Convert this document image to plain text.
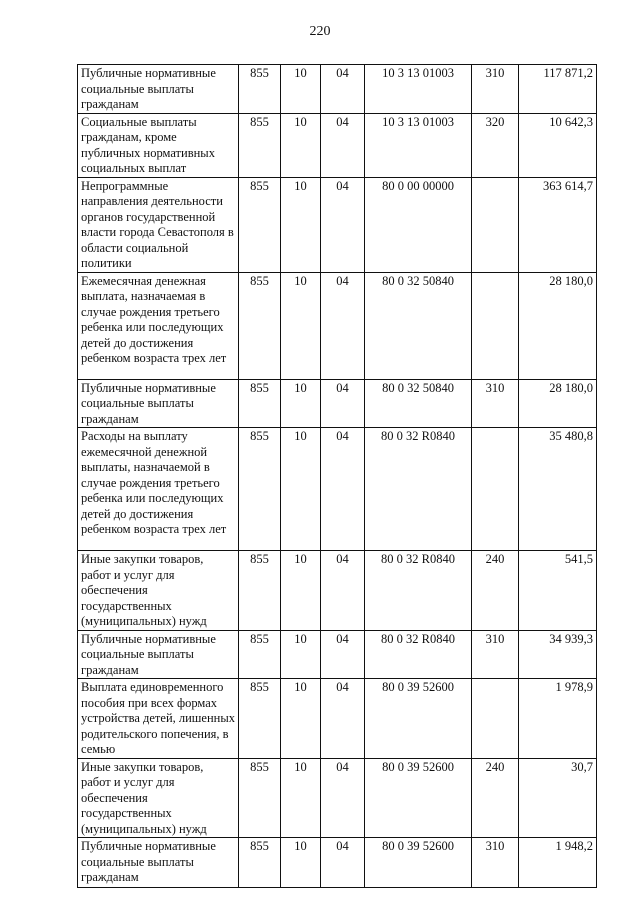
220
Публичные нормативные социальные выплаты гражданам	855	10	04	10 3 13 01003	310	117 871,2
Социальные выплаты гражданам, кроме публичных нормативных социальных выплат	855	10	04	10 3 13 01003	320	10 642,3
Непрограммные направления деятельности органов государственной власти города Севастополя в области социальной политики	855	10	04	80 0 00 00000		363 614,7
Ежемесячная денежная выплата, назначаемая в случае рождения третьего ребенка или последующих детей до достижения ребенком возраста трех лет	855	10	04	80 0 32 50840		28 180,0
Публичные нормативные социальные выплаты гражданам	855	10	04	80 0 32 50840	310	28 180,0
Расходы на выплату ежемесячной денежной выплаты, назначаемой в случае рождения третьего ребенка или последующих детей до достижения ребенком возраста трех лет	855	10	04	80 0 32 R0840		35 480,8
Иные закупки товаров, работ и услуг для обеспечения государственных (муниципальных) нужд	855	10	04	80 0 32 R0840	240	541,5
Публичные нормативные социальные выплаты гражданам	855	10	04	80 0 32 R0840	310	34 939,3
Выплата единовременного пособия при всех формах устройства детей, лишенных родительского попечения, в семью	855	10	04	80 0 39 52600		1 978,9
Иные закупки товаров, работ и услуг для обеспечения государственных (муниципальных) нужд	855	10	04	80 0 39 52600	240	30,7
Публичные нормативные социальные выплаты гражданам	855	10	04	80 0 39 52600	310	1 948,2
